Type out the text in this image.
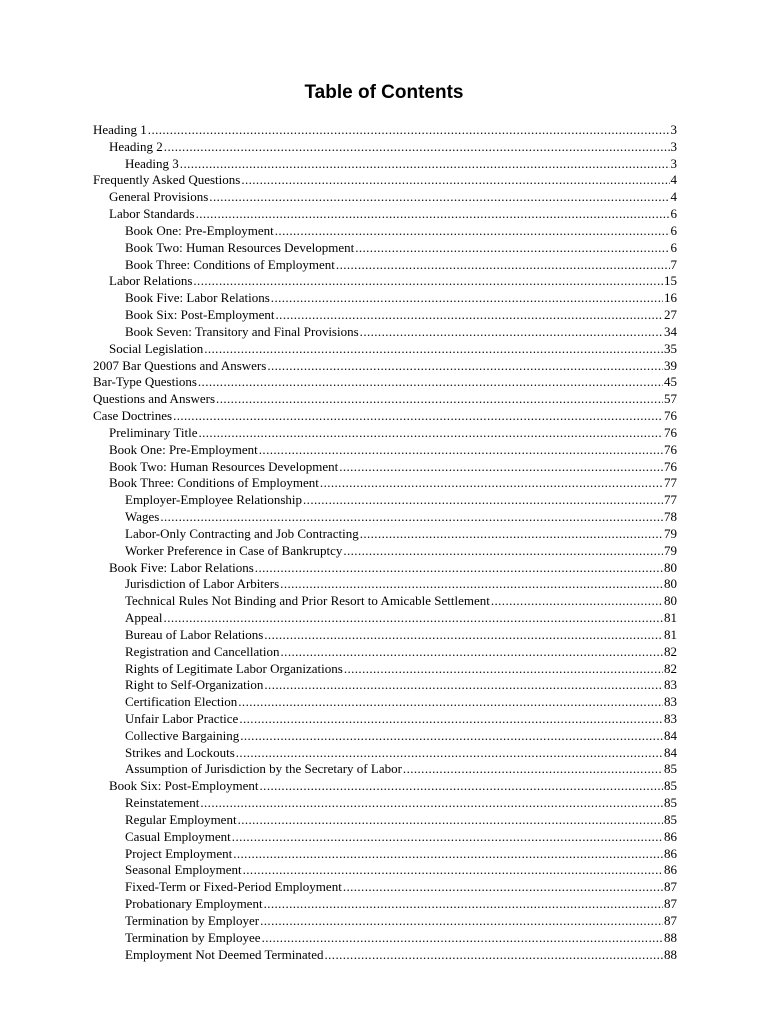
Table of Contents
Heading 1 .....	3
Heading 2 .....	3
Heading 3 .....	3
Frequently Asked Questions .....	4
General Provisions .....	4
Labor Standards .....	6
Book One: Pre-Employment .....	6
Book Two: Human Resources Development .....	6
Book Three: Conditions of Employment .....	7
Labor Relations .....	15
Book Five: Labor Relations .....	16
Book Six: Post-Employment .....	27
Book Seven: Transitory and Final Provisions .....	34
Social Legislation .....	35
2007 Bar Questions and Answers .....	39
Bar-Type Questions .....	45
Questions and Answers .....	57
Case Doctrines .....	76
Preliminary Title .....	76
Book One: Pre-Employment .....	76
Book Two: Human Resources Development .....	76
Book Three: Conditions of Employment .....	77
Employer-Employee Relationship .....	77
Wages .....	78
Labor-Only Contracting and Job Contracting .....	79
Worker Preference in Case of Bankruptcy .....	79
Book Five: Labor Relations .....	80
Jurisdiction of Labor Arbiters .....	80
Technical Rules Not Binding and Prior Resort to Amicable Settlement .....	80
Appeal .....	81
Bureau of Labor Relations .....	81
Registration and Cancellation .....	82
Rights of Legitimate Labor Organizations .....	82
Right to Self-Organization .....	83
Certification Election .....	83
Unfair Labor Practice .....	83
Collective Bargaining .....	84
Strikes and Lockouts .....	84
Assumption of Jurisdiction by the Secretary of Labor .....	85
Book Six: Post-Employment .....	85
Reinstatement .....	85
Regular Employment .....	85
Casual Employment .....	86
Project Employment .....	86
Seasonal Employment .....	86
Fixed-Term or Fixed-Period Employment .....	87
Probationary Employment .....	87
Termination by Employer .....	87
Termination by Employee .....	88
Employment Not Deemed Terminated .....	88
